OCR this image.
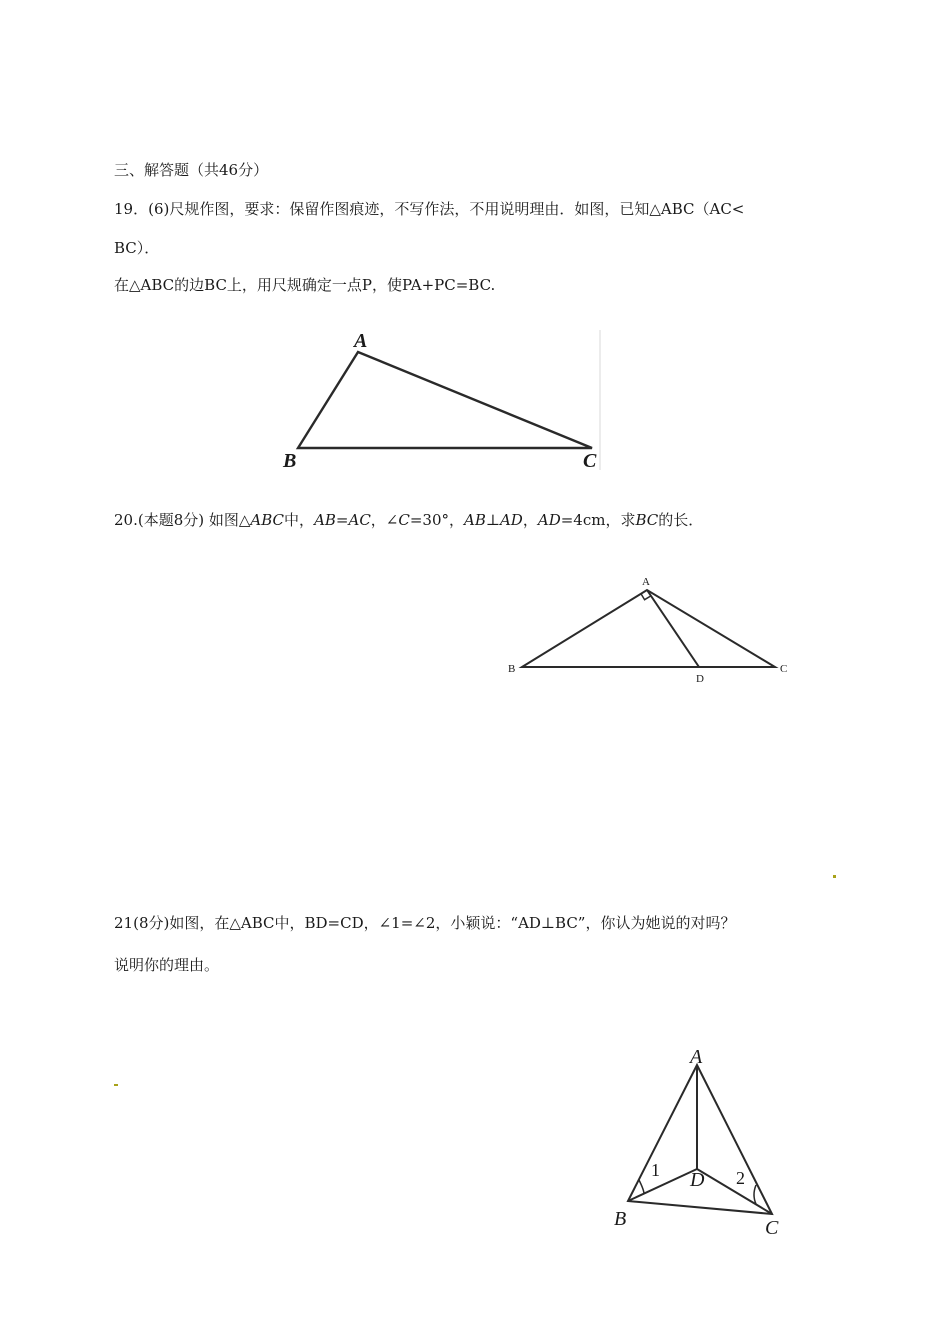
三、解答题（共46分）
19．(6)尺规作图，要求：保留作图痕迹，不写作法，不用说明理由．如图，已知△ABC（AC<
BC）．
在△ABC的边BC上，用尺规确定一点P，使PA+PC=BC.
A
B	C
20.(本题8分) 如图△ABC中，AB=AC，∠C=30°，AB⊥AD，AD=4cm，求BC的长．
A
B	C
D
21(8分)如图，在△ABC中，BD=CD，∠1=∠2，小颖说：“AD⊥BC”，你认为她说的对吗？
说明你的理由。
A
B	C
D
1	2
